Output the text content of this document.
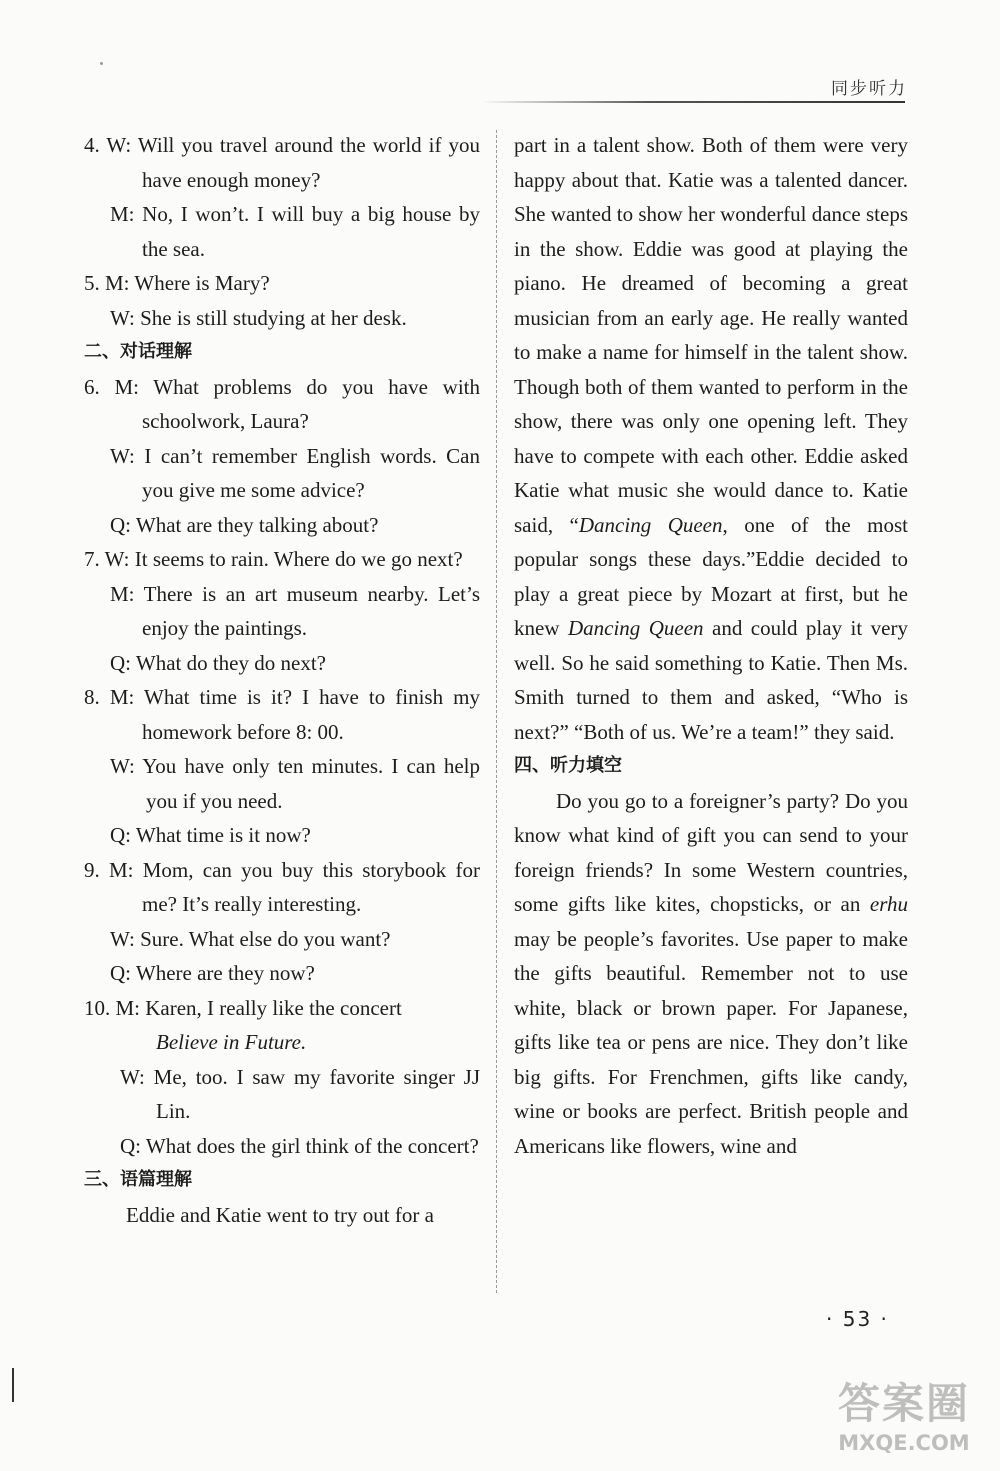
同步听力

4. W: Will you travel around the world if you have enough money?

M: No, I won’t. I will buy a big house by the sea.

5. M: Where is Mary?

W: She is still studying at her desk.

二、对话理解

6. M: What problems do you have with schoolwork, Laura?

W: I can’t remember English words. Can you give me some advice?

Q: What are they talking about?

7. W: It seems to rain. Where do we go next?

M: There is an art museum nearby. Let’s enjoy the paintings.

Q: What do they do next?

8. M: What time is it? I have to finish my homework before 8: 00.

W: You have only ten minutes. I can help you if you need.

Q: What time is it now?

9. M: Mom, can you buy this storybook for me? It’s really interesting.

W: Sure. What else do you want?

Q: Where are they now?

10. M: Karen, I really like the concert

Believe in Future.

W: Me, too. I saw my favorite singer JJ Lin.

Q: What does the girl think of the concert?

三、语篇理解

Eddie and Katie went to try out for a

part in a talent show. Both of them were very happy about that. Katie was a talented dancer. She wanted to show her wonderful dance steps in the show. Eddie was good at playing the piano. He dreamed of becoming a great musician from an early age. He really wanted to make a name for himself in the talent show. Though both of them wanted to perform in the show, there was only one opening left. They have to compete with each other. Eddie asked Katie what music she would dance to. Katie said, “Dancing Queen, one of the most popular songs these days.”Eddie decided to play a great piece by Mozart at first, but he knew Dancing Queen and could play it very well. So he said something to Katie. Then Ms. Smith turned to them and asked, “Who is next?” “Both of us. We’re a team!” they said.

四、听力填空

Do you go to a foreigner’s party? Do you know what kind of gift you can send to your foreign friends? In some Western countries, some gifts like kites, chopsticks, or an erhu may be people’s favorites. Use paper to make the gifts beautiful. Remember not to use white, black or brown paper. For Japanese, gifts like tea or pens are nice. They don’t like big gifts. For Frenchmen, gifts like candy, wine or books are perfect. British people and Americans like flowers, wine and

· 53 ·
答案圈
MXQE.COM
